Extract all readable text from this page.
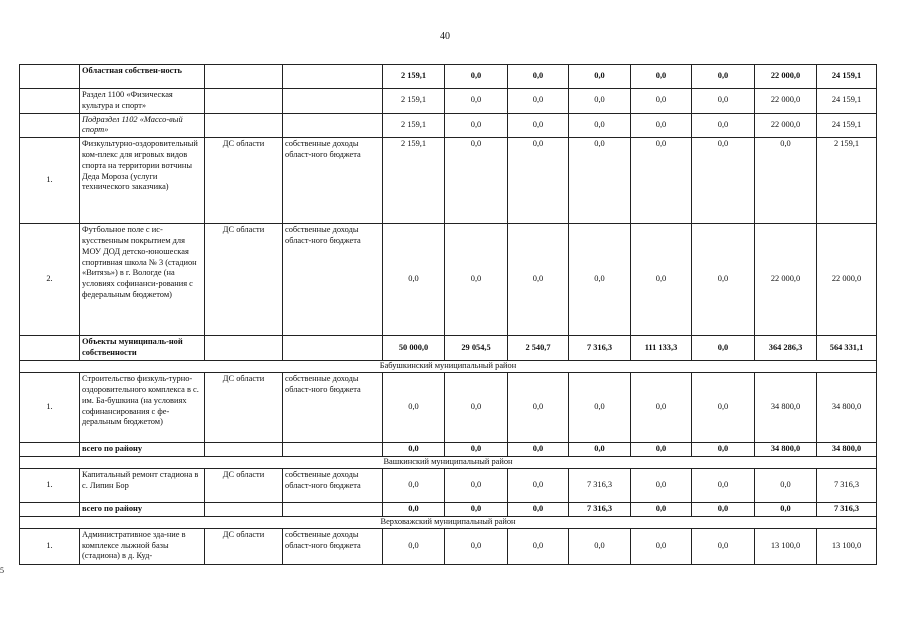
40
5
	Областная собствен-ность			2 159,1	0,0	0,0	0,0	0,0	0,0	22 000,0	24 159,1
	Раздел 1100 «Физическая культура и спорт»			2 159,1	0,0	0,0	0,0	0,0	0,0	22 000,0	24 159,1
	Подраздел 1102 «Массо-вый спорт»			2 159,1	0,0	0,0	0,0	0,0	0,0	22 000,0	24 159,1
1.	Физкультурно-оздоровительный ком-плекс для игровых видов спорта на территории вотчины Деда Мороза (услуги технического заказчика)	ДС области	собственные доходы област-ного бюджета	2 159,1	0,0	0,0	0,0	0,0	0,0	0,0	2 159,1
2.	Футбольное поле с ис-кусственным покрытием для МОУ ДОД детско-юношеская спортивная школа № 3 (стадион «Витязь») в г. Вологде (на условиях софинанси-рования с федеральным бюджетом)	ДС области	собственные доходы област-ного бюджета	0,0	0,0	0,0	0,0	0,0	0,0	22 000,0	22 000,0
	Объекты муниципаль-ной собственности			50 000,0	29 054,5	2 540,7	7 316,3	111 133,3	0,0	364 286,3	564 331,1
Бабушкинский муниципальный район											
1.	Строительство физкуль-турно-оздоровительного комплекса в с. им. Ба-бушкина (на условиях софинансирования с фе-деральным бюджетом)	ДС области	собственные доходы област-ного бюджета	0,0	0,0	0,0	0,0	0,0	0,0	34 800,0	34 800,0
	всего по району			0,0	0,0	0,0	0,0	0,0	0,0	34 800,0	34 800,0
Вашкинский муниципальный район											
1.	Капитальный ремонт стадиона в с. Липин Бор	ДС области	собственные доходы област-ного бюджета	0,0	0,0	0,0	7 316,3	0,0	0,0	0,0	7 316,3
	всего по району			0,0	0,0	0,0	7 316,3	0,0	0,0	0,0	7 316,3
Верховажский муниципальный район											
1.	Административное зда-ние в комплексе лыжной базы (стадиона) в д. Куд-	ДС области	собственные доходы област-ного бюджета	0,0	0,0	0,0	0,0	0,0	0,0	13 100,0	13 100,0
